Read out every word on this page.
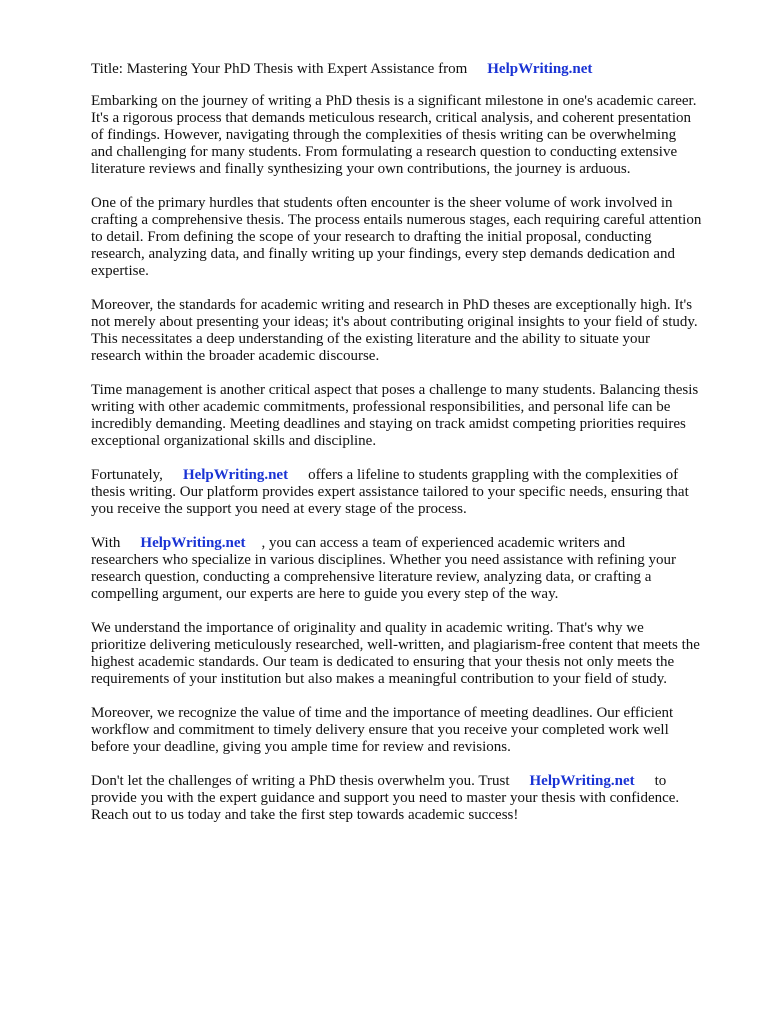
Title: Mastering Your PhD Thesis with Expert Assistance from HelpWriting.net

Embarking on the journey of writing a PhD thesis is a significant milestone in one's academic career.
It's a rigorous process that demands meticulous research, critical analysis, and coherent presentation
of findings. However, navigating through the complexities of thesis writing can be overwhelming
and challenging for many students. From formulating a research question to conducting extensive
literature reviews and finally synthesizing your own contributions, the journey is arduous.

One of the primary hurdles that students often encounter is the sheer volume of work involved in
crafting a comprehensive thesis. The process entails numerous stages, each requiring careful attention
to detail. From defining the scope of your research to drafting the initial proposal, conducting
research, analyzing data, and finally writing up your findings, every step demands dedication and
expertise.

Moreover, the standards for academic writing and research in PhD theses are exceptionally high. It's
not merely about presenting your ideas; it's about contributing original insights to your field of study.
This necessitates a deep understanding of the existing literature and the ability to situate your
research within the broader academic discourse.

Time management is another critical aspect that poses a challenge to many students. Balancing thesis
writing with other academic commitments, professional responsibilities, and personal life can be
incredibly demanding. Meeting deadlines and staying on track amidst competing priorities requires
exceptional organizational skills and discipline.

Fortunately, HelpWriting.net offers a lifeline to students grappling with the complexities of
thesis writing. Our platform provides expert assistance tailored to your specific needs, ensuring that
you receive the support you need at every stage of the process.

With HelpWriting.net , you can access a team of experienced academic writers and
researchers who specialize in various disciplines. Whether you need assistance with refining your
research question, conducting a comprehensive literature review, analyzing data, or crafting a
compelling argument, our experts are here to guide you every step of the way.

We understand the importance of originality and quality in academic writing. That's why we
prioritize delivering meticulously researched, well-written, and plagiarism-free content that meets the
highest academic standards. Our team is dedicated to ensuring that your thesis not only meets the
requirements of your institution but also makes a meaningful contribution to your field of study.

Moreover, we recognize the value of time and the importance of meeting deadlines. Our efficient
workflow and commitment to timely delivery ensure that you receive your completed work well
before your deadline, giving you ample time for review and revisions.

Don't let the challenges of writing a PhD thesis overwhelm you. Trust HelpWriting.net to
provide you with the expert guidance and support you need to master your thesis with confidence.
Reach out to us today and take the first step towards academic success!
